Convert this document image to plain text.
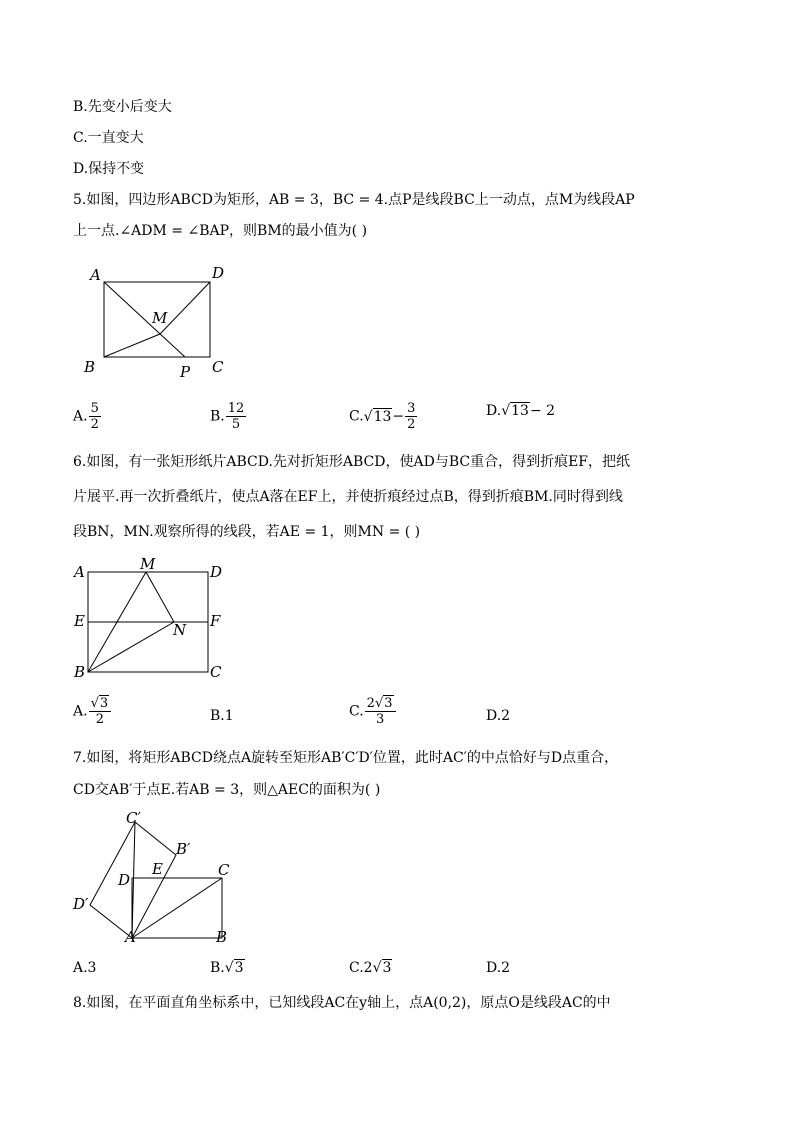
B.先变小后变大
C.一直变大
D.保持不变
5.如图，四边形ABCD为矩形，AB = 3，BC = 4.点P是线段BC上一动点，点M为线段AP
上一点.∠ADM = ∠BAP，则BM的最小值为( )
A	D
M
B	P C
A. $\frac{5}{2}$	B. $\frac{12}{5}$	$C.√13- \frac{3}{2}$	D.√13− 2
6.如图，有一张矩形纸片ABCD.先对折矩形ABCD，使AD与BC重合，得到折痕EF，把纸
片展平.再一次折叠纸片，使点A落在EF上，并使折痕经过点B，得到折痕BM.同时得到线
段BN，MN.观察所得的线段，若AE = 1，则MN = ( )
A	M	D
E	F
N
B	C
A. $\frac{√3}{2}$	B.1	C. $\frac{2√3}{3}$	D.2
7.如图，将矩形ABCD绕点A旋转至矩形AB′C′D′位置，此时AC′的中点恰好与D点重合，
CD交AB′于点E.若AB = 3，则△AEC的面积为( )
C′
B′
D
E	C
D′
A	B
A.3	B.√3	C.2√3	D.2
8.如图，在平面直角坐标系中，已知线段AC在y轴上，点A(0,2)，原点O是线段AC的中
